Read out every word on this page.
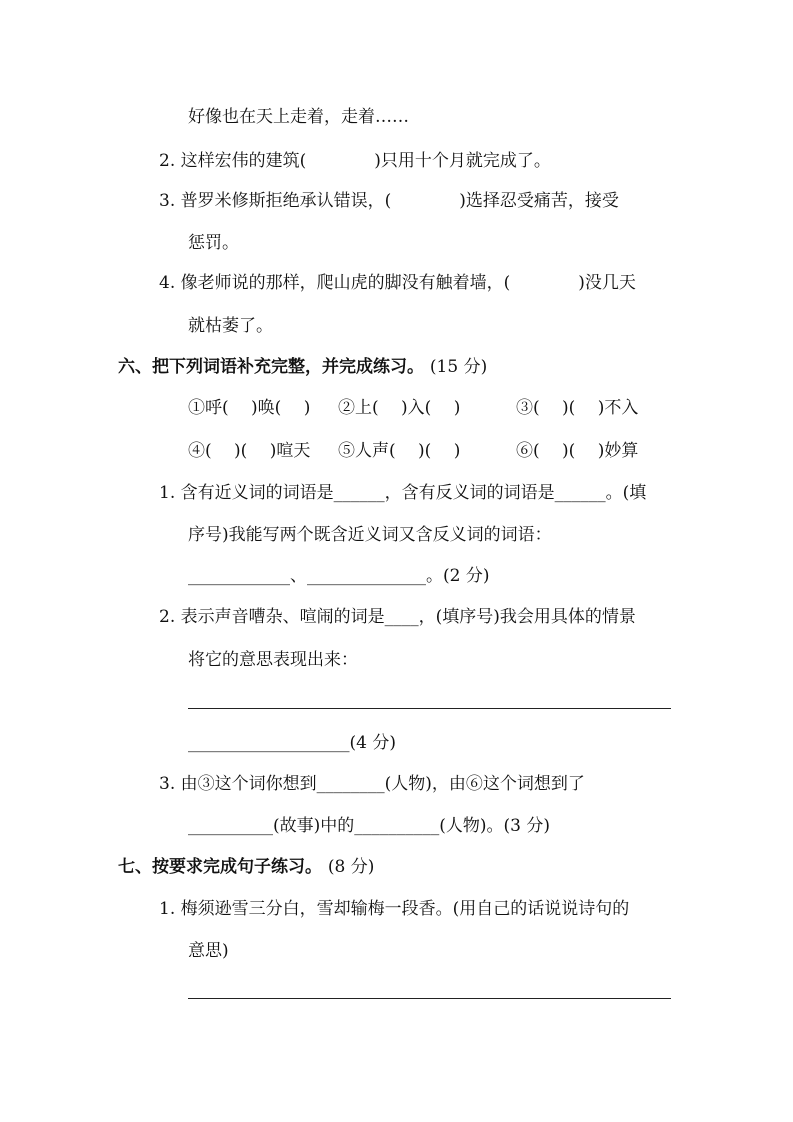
好像也在天上走着，走着……
2. 这样宏伟的建筑(　　　　)只用十个月就完成了。
3. 普罗米修斯拒绝承认错误，(　　　　)选择忍受痛苦，接受
惩罚。
4. 像老师说的那样，爬山虎的脚没有触着墙，(　　　　)没几天
就枯萎了。
六、把下列词语补充完整，并完成练习。 (15 分)
①呼(　 )唤(　 ) ②上(　 )入(　 )	③(　 )(　 )不入
④(　 )(　 )喧天 ⑤人声(　 )(　 )	⑥(　 )(　 )妙算
1. 含有近义词的词语是______，含有反义词的词语是______。(填
序号)我能写两个既含近义词又含反义词的词语：
____________、______________。(2 分)
2. 表示声音嘈杂、喧闹的词是____，(填序号)我会用具体的情景
将它的意思表现出来：
___________________(4 分)
3. 由③这个词你想到________(人物)，由⑥这个词想到了
__________(故事)中的__________(人物)。(3 分)
七、按要求完成句子练习。 (8 分)
1. 梅须逊雪三分白，雪却输梅一段香。(用自己的话说说诗句的
意思)
